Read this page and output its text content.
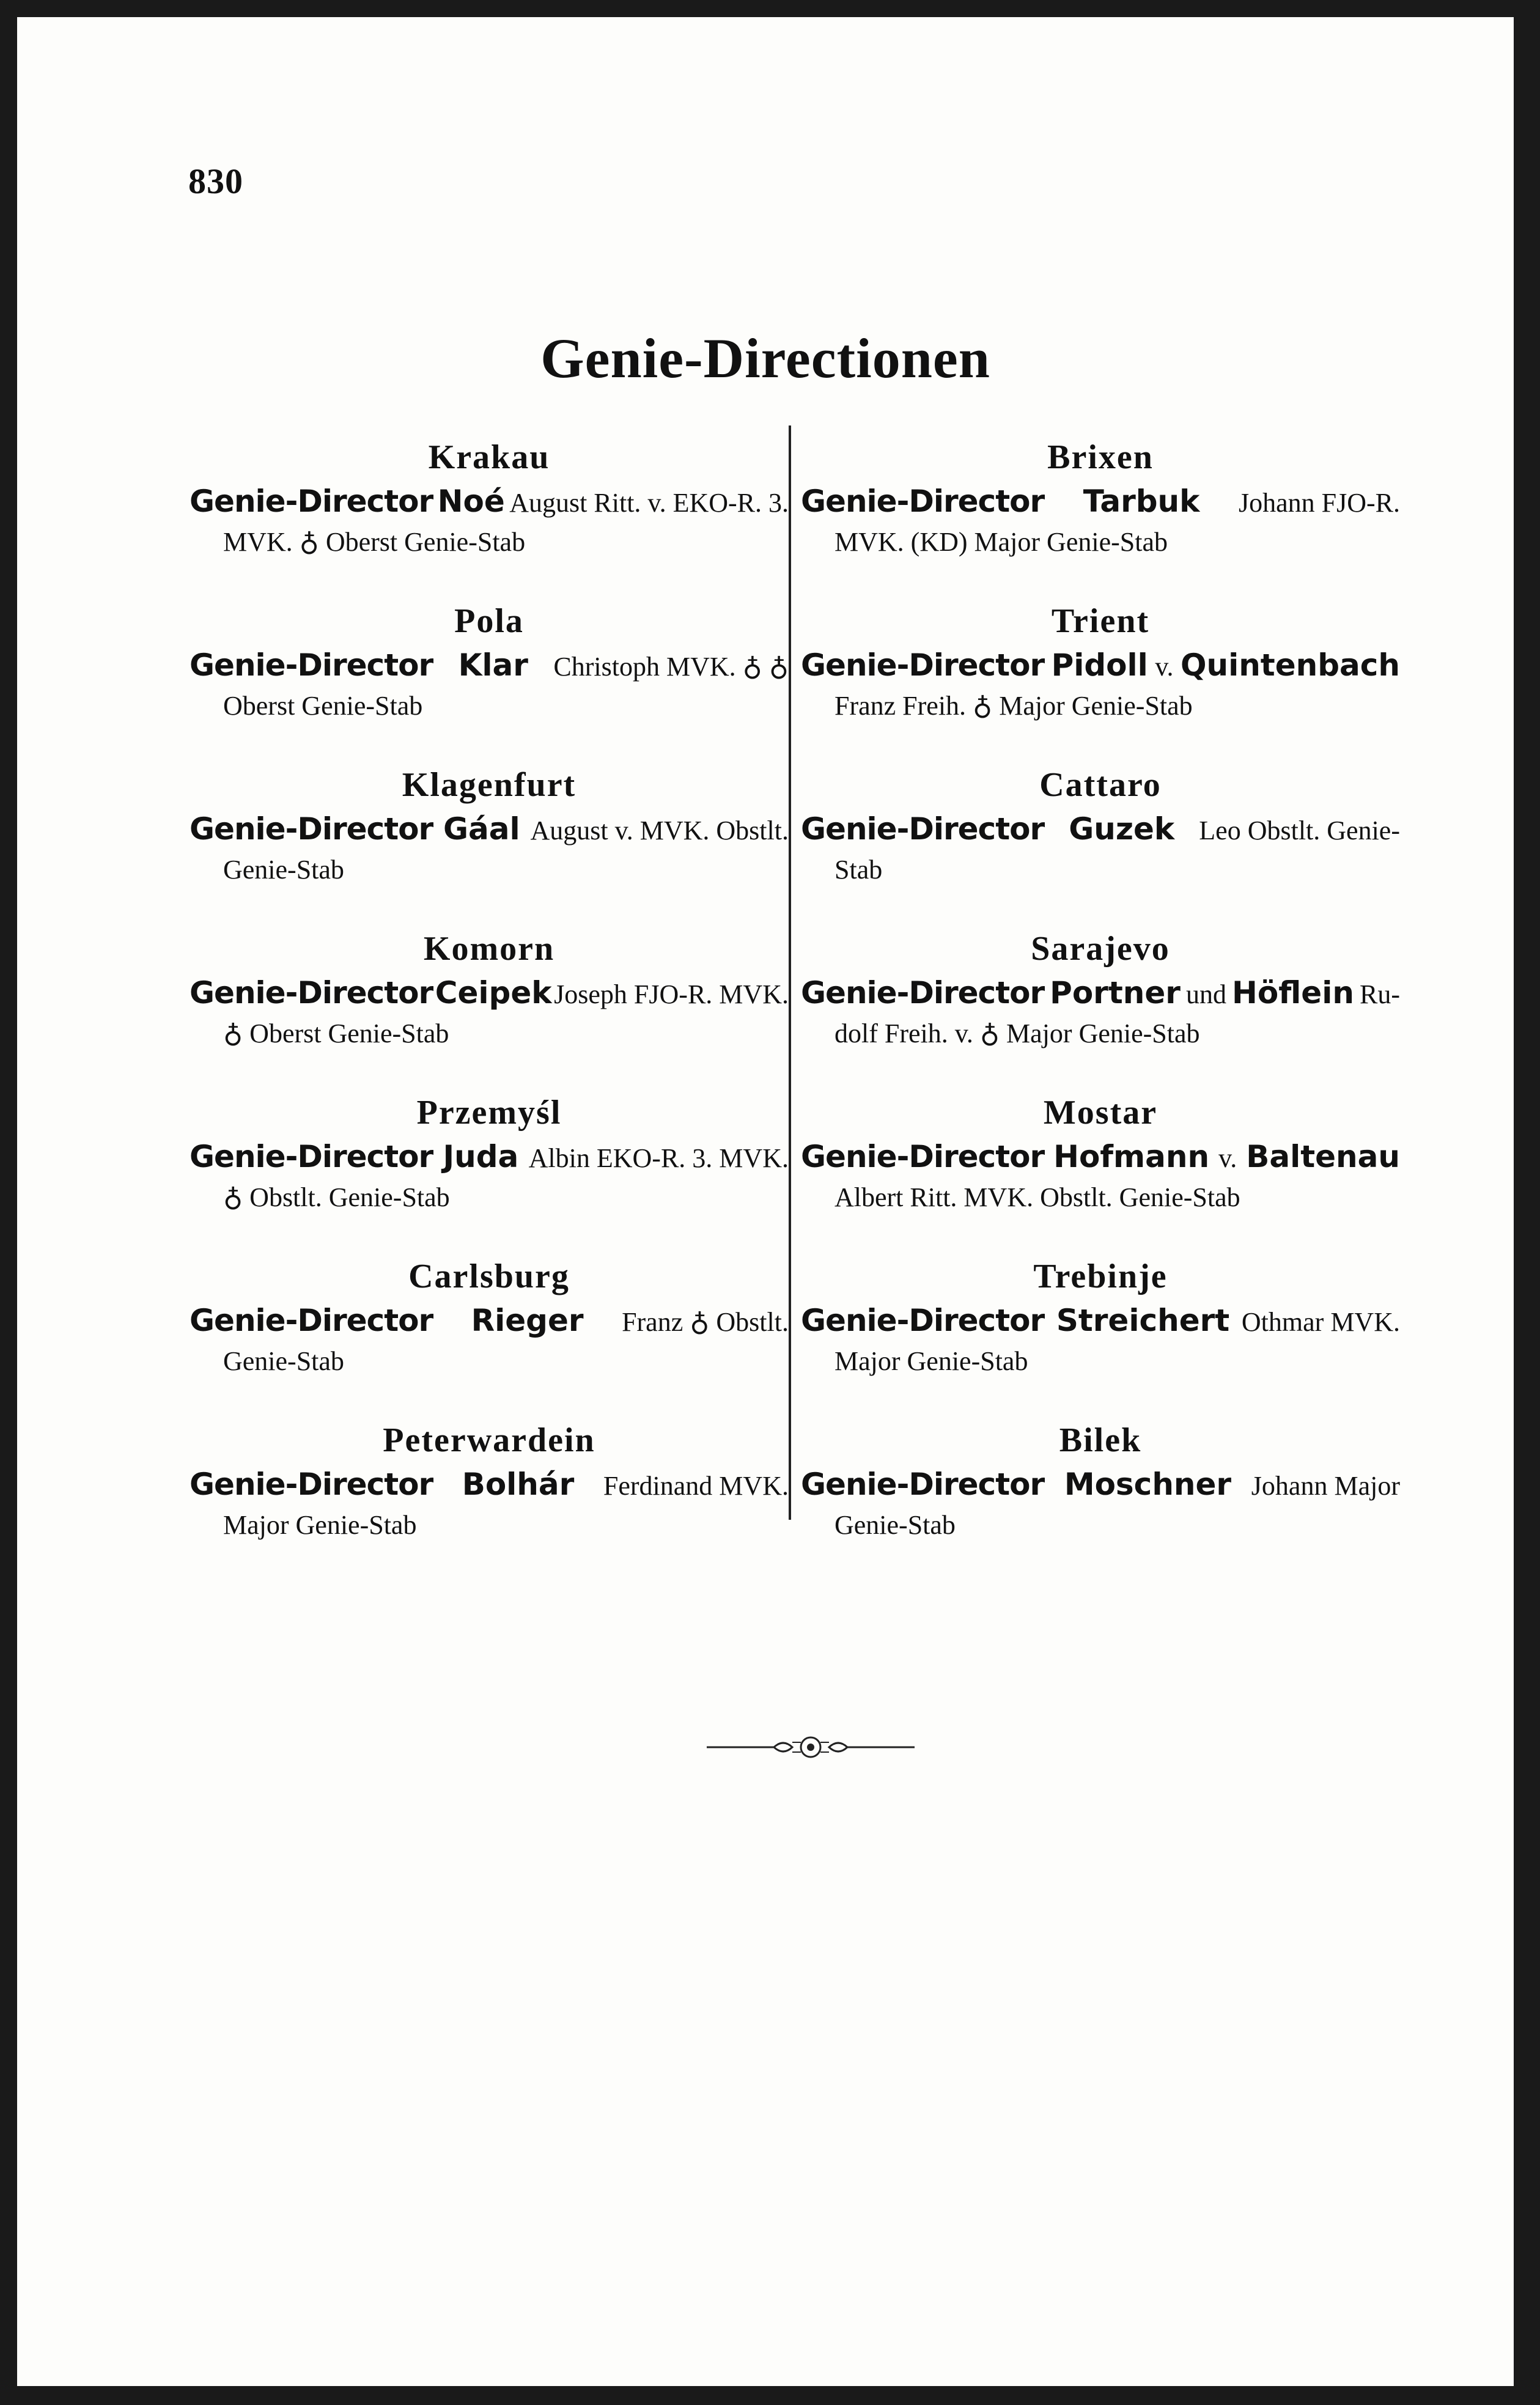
830
Genie-Directionen
Krakau
Genie-Director Noé August Ritt. v. EKO-R. 3.
MVK. ♁ Oberst Genie-Stab
Pola
Genie-Director Klar Christoph MVK. ♁ ♁
Oberst Genie-Stab
Klagenfurt
Genie-Director Gáal August v. MVK. Obstlt.
Genie-Stab
Komorn
Genie-Director Ceipek Joseph FJO-R. MVK.
♁ Oberst Genie-Stab
Przemyśl
Genie-Director Juda Albin EKO-R. 3. MVK.
♁ Obstlt. Genie-Stab
Carlsburg
Genie-Director Rieger Franz ♁ Obstlt.
Genie-Stab
Peterwardein
Genie-Director Bolhár Ferdinand MVK.
Major Genie-Stab
Brixen
Genie-Director Tarbuk Johann FJO-R.
MVK. (KD) Major Genie-Stab
Trient
Genie-Director Pidoll v. Quintenbach
Franz Freih. ♁ Major Genie-Stab
Cattaro
Genie-Director Guzek Leo Obstlt. Genie-
Stab
Sarajevo
Genie-Director Portner und Höflein Ru-
dolf Freih. v. ♁ Major Genie-Stab
Mostar
Genie-Director Hofmann v. Baltenau
Albert Ritt. MVK. Obstlt. Genie-Stab
Trebinje
Genie-Director Streichert Othmar MVK.
Major Genie-Stab
Bilek
Genie-Director Moschner Johann Major
Genie-Stab
